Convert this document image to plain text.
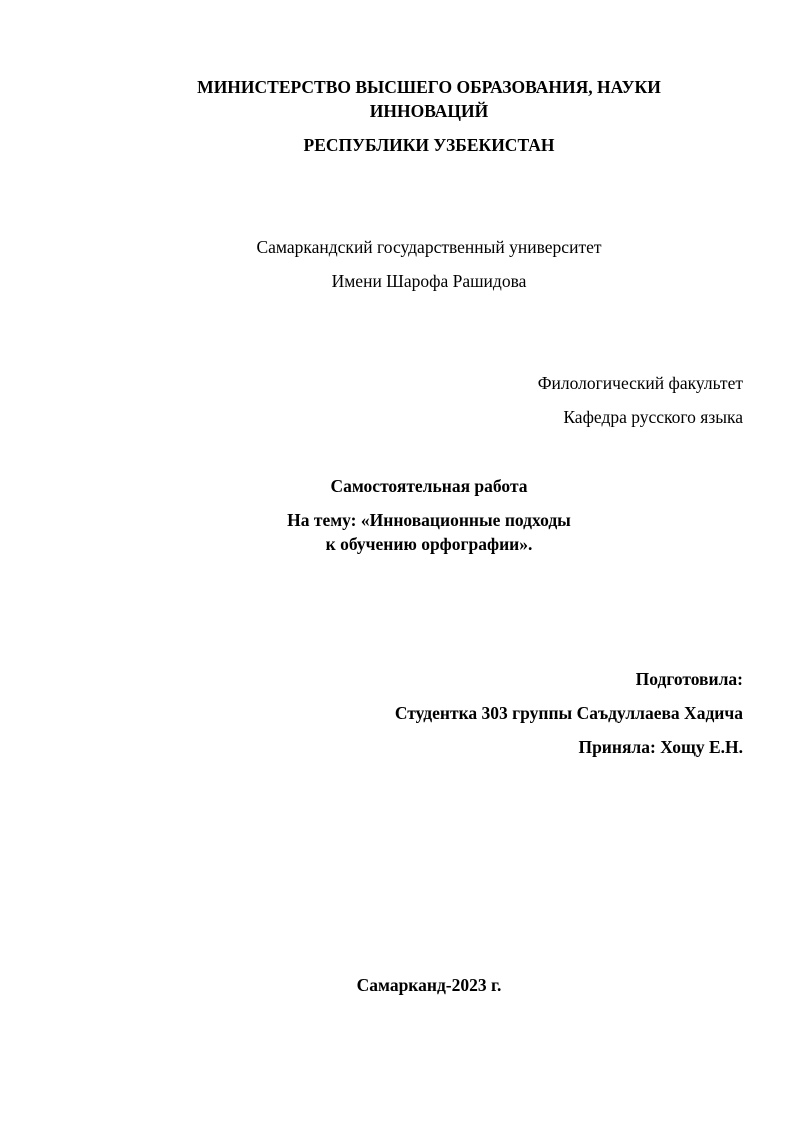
МИНИСТЕРСТВО ВЫСШЕГО ОБРАЗОВАНИЯ, НАУКИ
ИННОВАЦИЙ
РЕСПУБЛИКИ УЗБЕКИСТАН
Самаркандский государственный университет
Имени Шарофа Рашидова
Филологический факультет
Кафедра русского языка
Самостоятельная работа
На тему: «Инновационные подходы
к обучению орфографии».
Подготовила:
Студентка 303 группы Саъдуллаева Хадича
Приняла: Хощу Е.Н.
Самарканд-2023 г.
